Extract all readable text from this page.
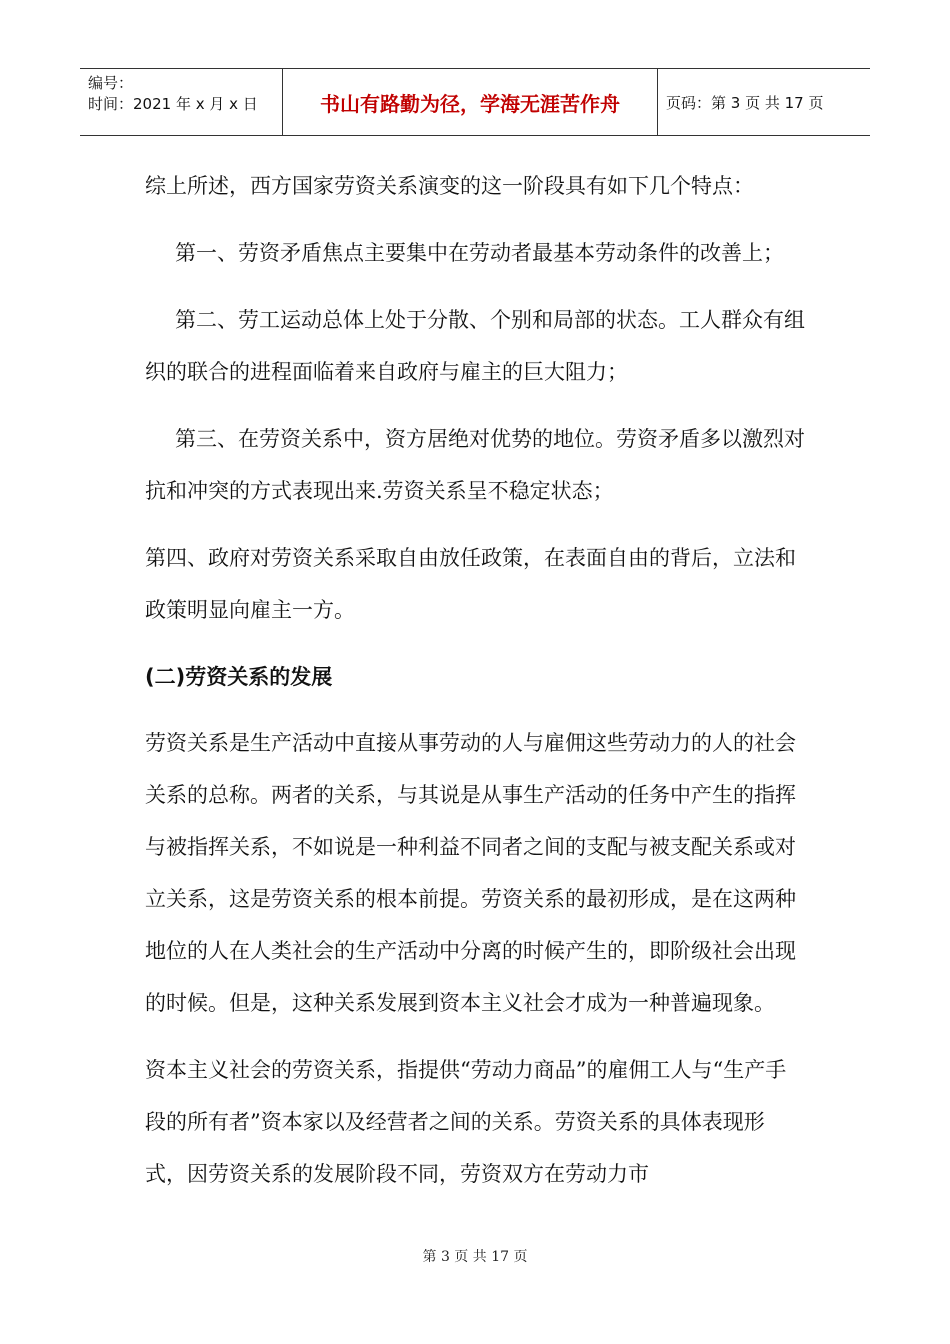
编号：
时间：2021 年 x 月 x 日	书山有路勤为径，学海无涯苦作舟	页码：第 3 页 共 17 页

综上所述，西方国家劳资关系演变的这一阶段具有如下几个特点：

第一、劳资矛盾焦点主要集中在劳动者最基本劳动条件的改善上；

第二、劳工运动总体上处于分散、个别和局部的状态。工人群众有组织的联合的进程面临着来自政府与雇主的巨大阻力；

第三、在劳资关系中，资方居绝对优势的地位。劳资矛盾多以激烈对抗和冲突的方式表现出来.劳资关系呈不稳定状态；

第四、政府对劳资关系采取自由放任政策，在表面自由的背后，立法和政策明显向雇主一方。

(二)劳资关系的发展

劳资关系是生产活动中直接从事劳动的人与雇佣这些劳动力的人的社会关系的总称。两者的关系，与其说是从事生产活动的任务中产生的指挥与被指挥关系，不如说是一种利益不同者之间的支配与被支配关系或对立关系，这是劳资关系的根本前提。劳资关系的最初形成，是在这两种地位的人在人类社会的生产活动中分离的时候产生的，即阶级社会出现的时候。但是，这种关系发展到资本主义社会才成为一种普遍现象。

资本主义社会的劳资关系，指提供“劳动力商品”的雇佣工人与“生产手段的所有者”资本家以及经营者之间的关系。劳资关系的具体表现形式，因劳资关系的发展阶段不同，劳资双方在劳动力市

第 3 页 共 17 页
